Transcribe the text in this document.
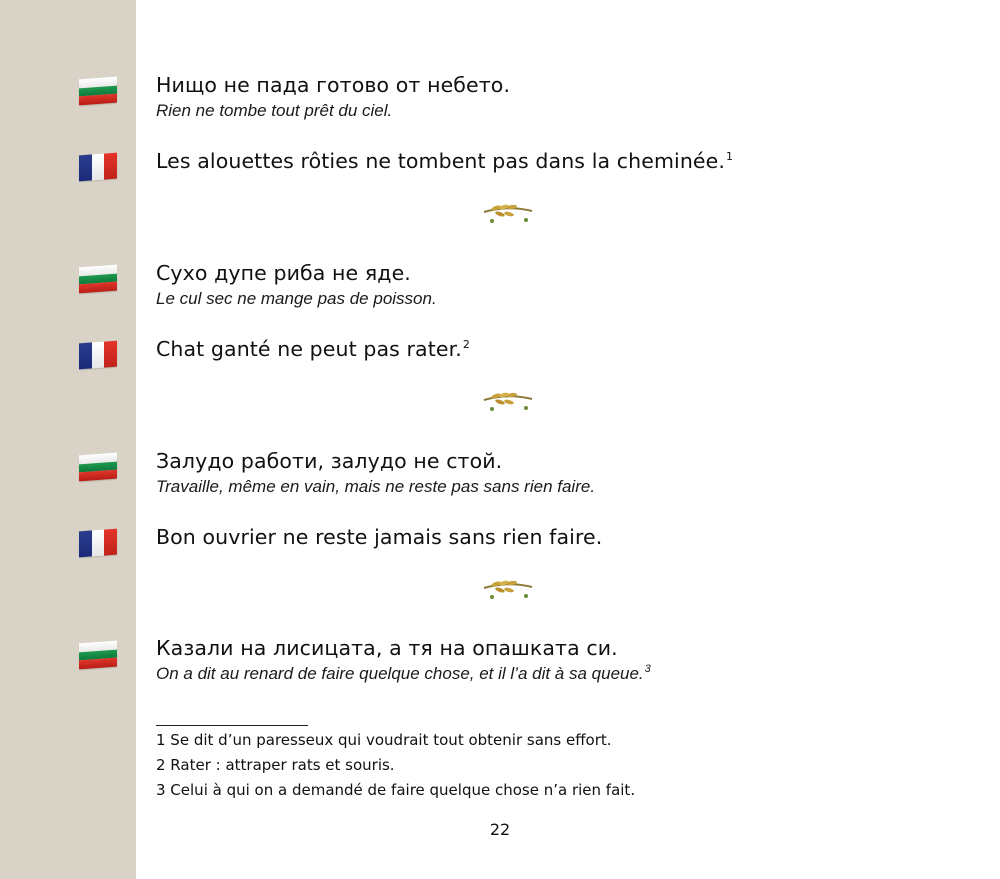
Нищо не пада готово от небето.
Rien ne tombe tout prêt du ciel.
Les alouettes rôties ne tombent pas dans la cheminée.$^1$
Сухо дупе риба не яде.
Le cul sec ne mange pas de poisson.
Chat ganté ne peut pas rater.$^2$
Залудо работи, залудо не стой.
Travaille, même en vain, mais ne reste pas sans rien faire.
Bon ouvrier ne reste jamais sans rien faire.
Казали на лисицата, а тя на опашката си.
On a dit au renard de faire quelque chose, et il l’a dit à sa queue.$^3$
1 Se dit d’un paresseux qui voudrait tout obtenir sans effort.
2 Rater : attraper rats et souris.
3 Celui à qui on a demandé de faire quelque chose n’a rien fait.
22
